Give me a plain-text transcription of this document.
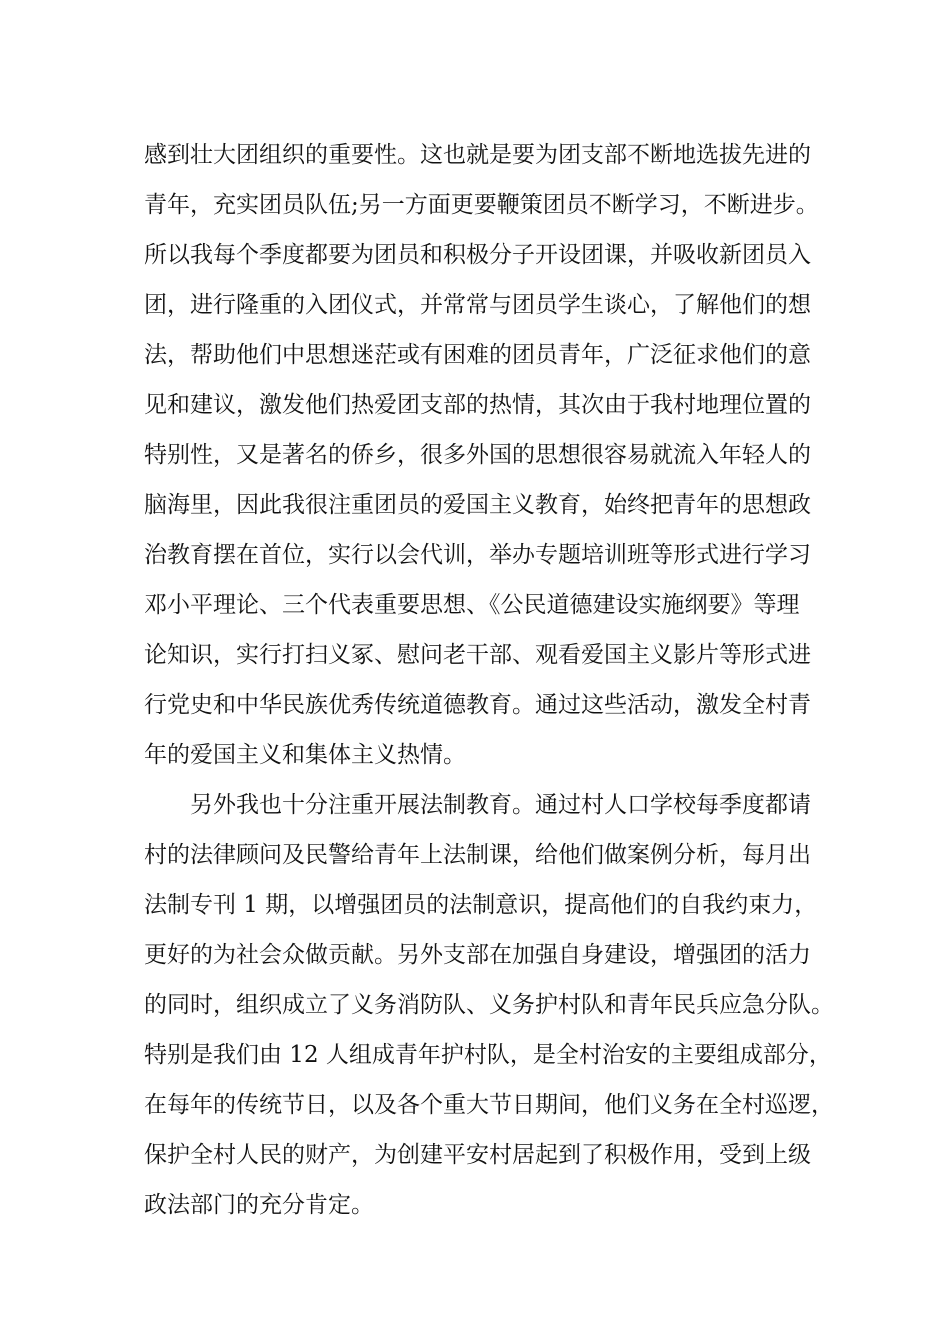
感到壮大团组织的重要性。这也就是要为团支部不断地选拔先进的
青年，充实团员队伍;另一方面更要鞭策团员不断学习，不断进步。
所以我每个季度都要为团员和积极分子开设团课，并吸收新团员入
团，进行隆重的入团仪式，并常常与团员学生谈心，了解他们的想
法，帮助他们中思想迷茫或有困难的团员青年，广泛征求他们的意
见和建议，激发他们热爱团支部的热情，其次由于我村地理位置的
特别性，又是著名的侨乡，很多外国的思想很容易就流入年轻人的
脑海里，因此我很注重团员的爱国主义教育，始终把青年的思想政
治教育摆在首位，实行以会代训，举办专题培训班等形式进行学习
邓小平理论、三个代表重要思想、《公民道德建设实施纲要》等理
论知识，实行打扫义冢、慰问老干部、观看爱国主义影片等形式进
行党史和中华民族优秀传统道德教育。通过这些活动，激发全村青
年的爱国主义和集体主义热情。
另外我也十分注重开展法制教育。通过村人口学校每季度都请
村的法律顾问及民警给青年上法制课，给他们做案例分析，每月出
法制专刊 1 期，以增强团员的法制意识，提高他们的自我约束力，
更好的为社会众做贡献。另外支部在加强自身建设，增强团的活力
的同时，组织成立了义务消防队、义务护村队和青年民兵应急分队。
特别是我们由 12 人组成青年护村队，是全村治安的主要组成部分，
在每年的传统节日，以及各个重大节日期间，他们义务在全村巡逻，
保护全村人民的财产，为创建平安村居起到了积极作用，受到上级
政法部门的充分肯定。
